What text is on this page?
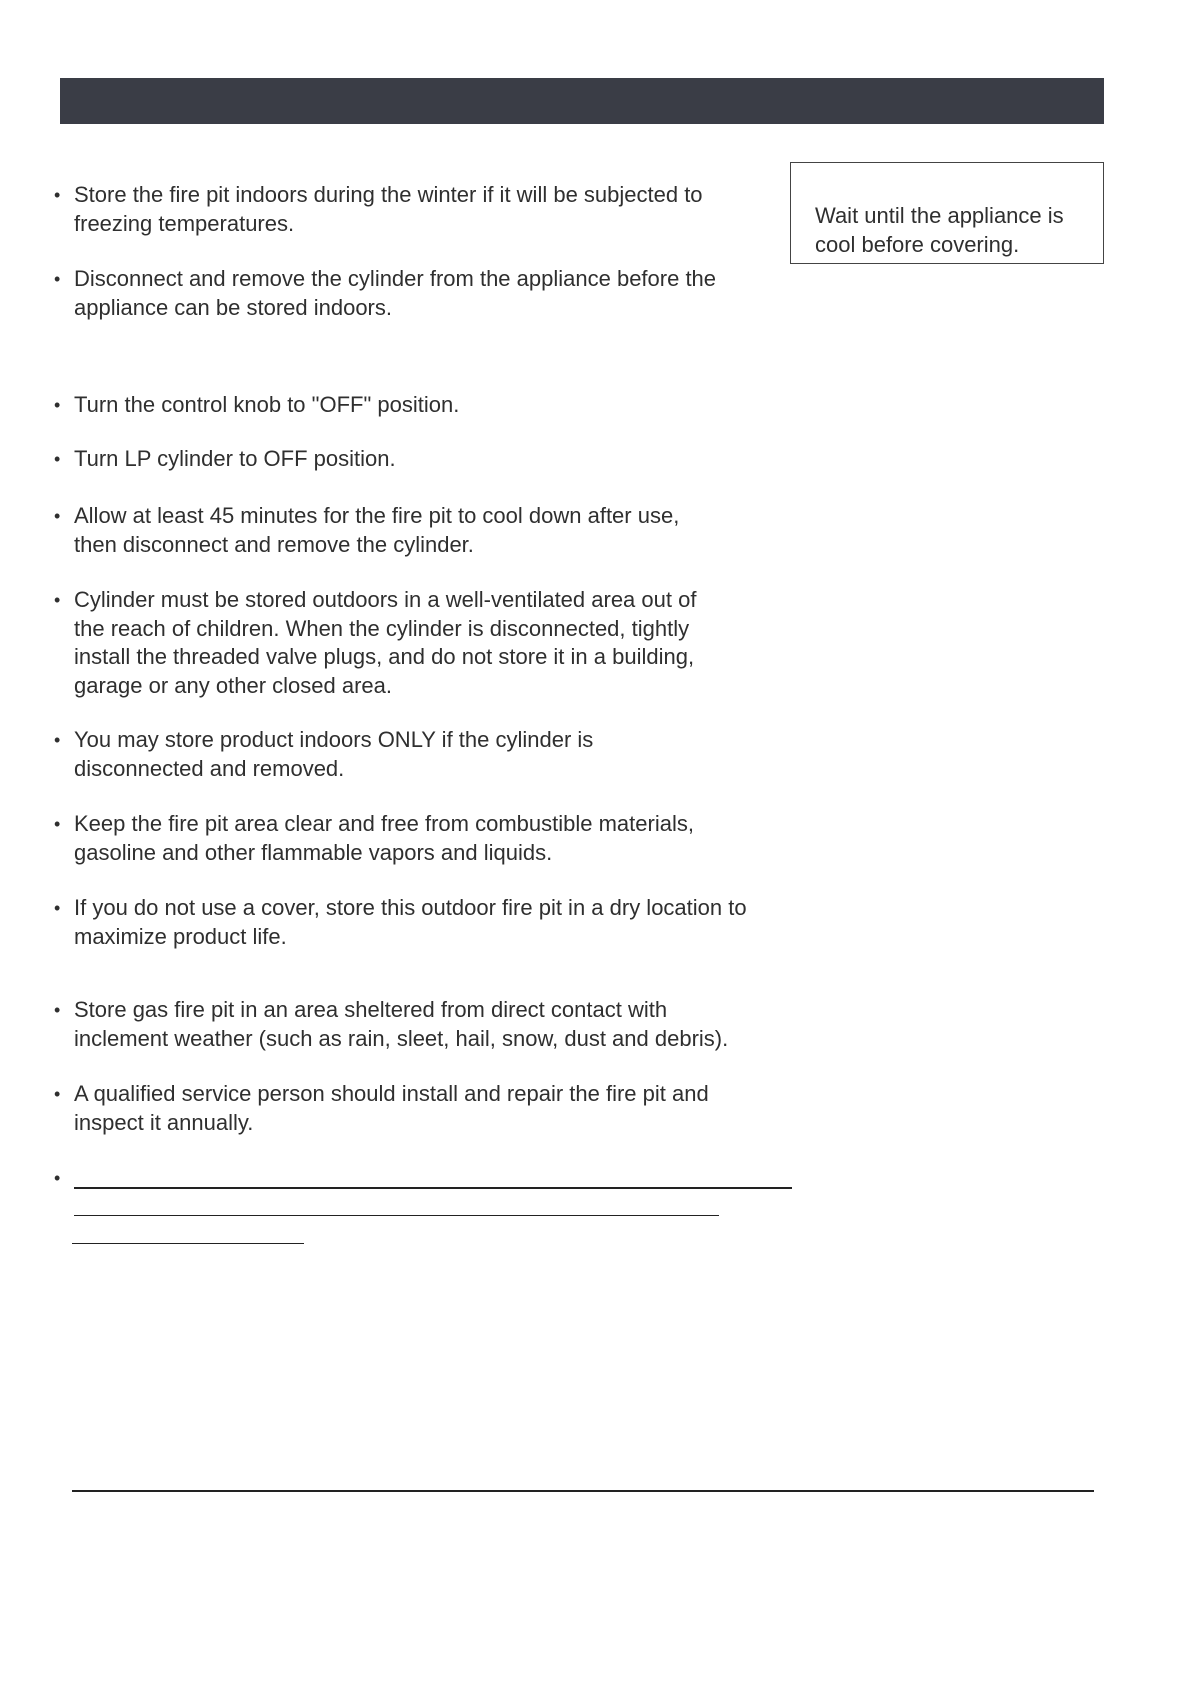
Wait until the appliance is
cool before covering.
• Store the fire pit indoors during the winter if it will be subjected to
freezing temperatures.
• Disconnect and remove the cylinder from the appliance before the
appliance can be stored indoors.
• Turn the control knob to "OFF" position.
• Turn LP cylinder to OFF position.
• Allow at least 45 minutes for the fire pit to cool down after use,
then disconnect and remove the cylinder.
• Cylinder must be stored outdoors in a well-ventilated area out of
the reach of children. When the cylinder is disconnected, tightly
install the threaded valve plugs, and do not store it in a building,
garage or any other closed area.
• You may store product indoors ONLY if the cylinder is
disconnected and removed.
• Keep the fire pit area clear and free from combustible materials,
gasoline and other flammable vapors and liquids.
• If you do not use a cover, store this outdoor fire pit in a dry location to
maximize product life.
• Store gas fire pit in an area sheltered from direct contact with
inclement weather (such as rain, sleet, hail, snow, dust and debris).
• A qualified service person should install and repair the fire pit and
inspect it annually.
•
